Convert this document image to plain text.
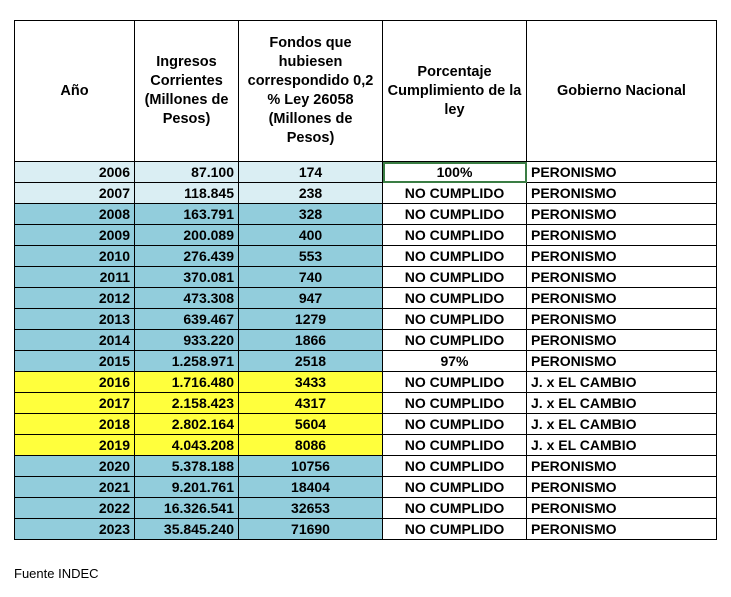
Año	Ingresos Corrientes (Millones de Pesos)	Fondos que hubiesen correspondido 0,2 % Ley 26058 (Millones de Pesos)	Porcentaje Cumplimiento de la ley	Gobierno Nacional
2006	87.100	174	100%	PERONISMO
2007	118.845	238	NO CUMPLIDO	PERONISMO
2008	163.791	328	NO CUMPLIDO	PERONISMO
2009	200.089	400	NO CUMPLIDO	PERONISMO
2010	276.439	553	NO CUMPLIDO	PERONISMO
2011	370.081	740	NO CUMPLIDO	PERONISMO
2012	473.308	947	NO CUMPLIDO	PERONISMO
2013	639.467	1279	NO CUMPLIDO	PERONISMO
2014	933.220	1866	NO CUMPLIDO	PERONISMO
2015	1.258.971	2518	97%	PERONISMO
2016	1.716.480	3433	NO CUMPLIDO	J. x EL CAMBIO
2017	2.158.423	4317	NO CUMPLIDO	J. x EL CAMBIO
2018	2.802.164	5604	NO CUMPLIDO	J. x EL CAMBIO
2019	4.043.208	8086	NO CUMPLIDO	J. x EL CAMBIO
2020	5.378.188	10756	NO CUMPLIDO	PERONISMO
2021	9.201.761	18404	NO CUMPLIDO	PERONISMO
2022	16.326.541	32653	NO CUMPLIDO	PERONISMO
2023	35.845.240	71690	NO CUMPLIDO	PERONISMO
Fuente INDEC
